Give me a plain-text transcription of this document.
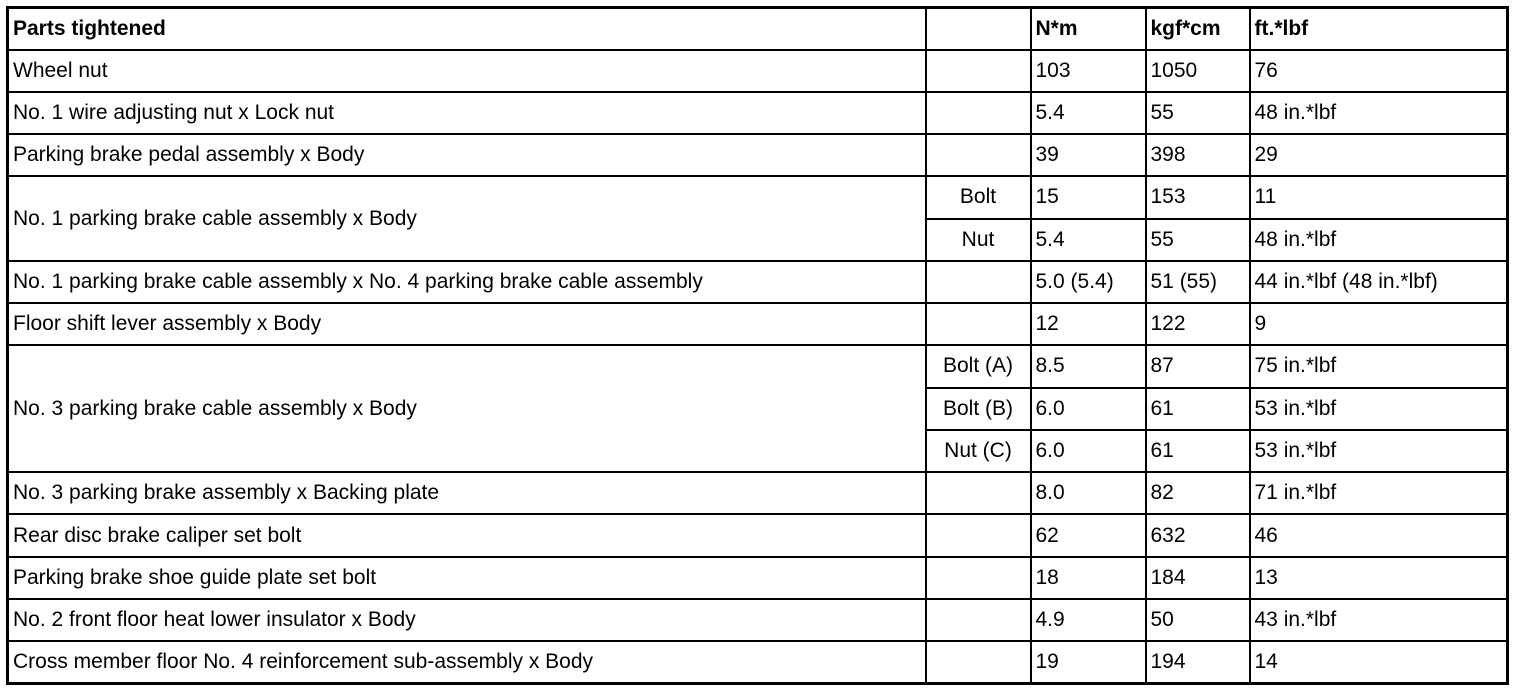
Parts tightened		N*m	kgf*cm	ft.*lbf
Wheel nut		103	1050	76
No. 1 wire adjusting nut x Lock nut		5.4	55	48 in.*lbf
Parking brake pedal assembly x Body		39	398	29
No. 1 parking brake cable assembly x Body	Bolt	15	153	11
	Nut	5.4	55	48 in.*lbf
No. 1 parking brake cable assembly x No. 4 parking brake cable assembly		5.0 (5.4)	51 (55)	44 in.*lbf (48 in.*lbf)
Floor shift lever assembly x Body		12	122	9
No. 3 parking brake cable assembly x Body	Bolt (A)	8.5	87	75 in.*lbf
	Bolt (B)	6.0	61	53 in.*lbf
	Nut (C)	6.0	61	53 in.*lbf
No. 3 parking brake assembly x Backing plate		8.0	82	71 in.*lbf
Rear disc brake caliper set bolt		62	632	46
Parking brake shoe guide plate set bolt		18	184	13
No. 2 front floor heat lower insulator x Body		4.9	50	43 in.*lbf
Cross member floor No. 4 reinforcement sub-assembly x Body		19	194	14
